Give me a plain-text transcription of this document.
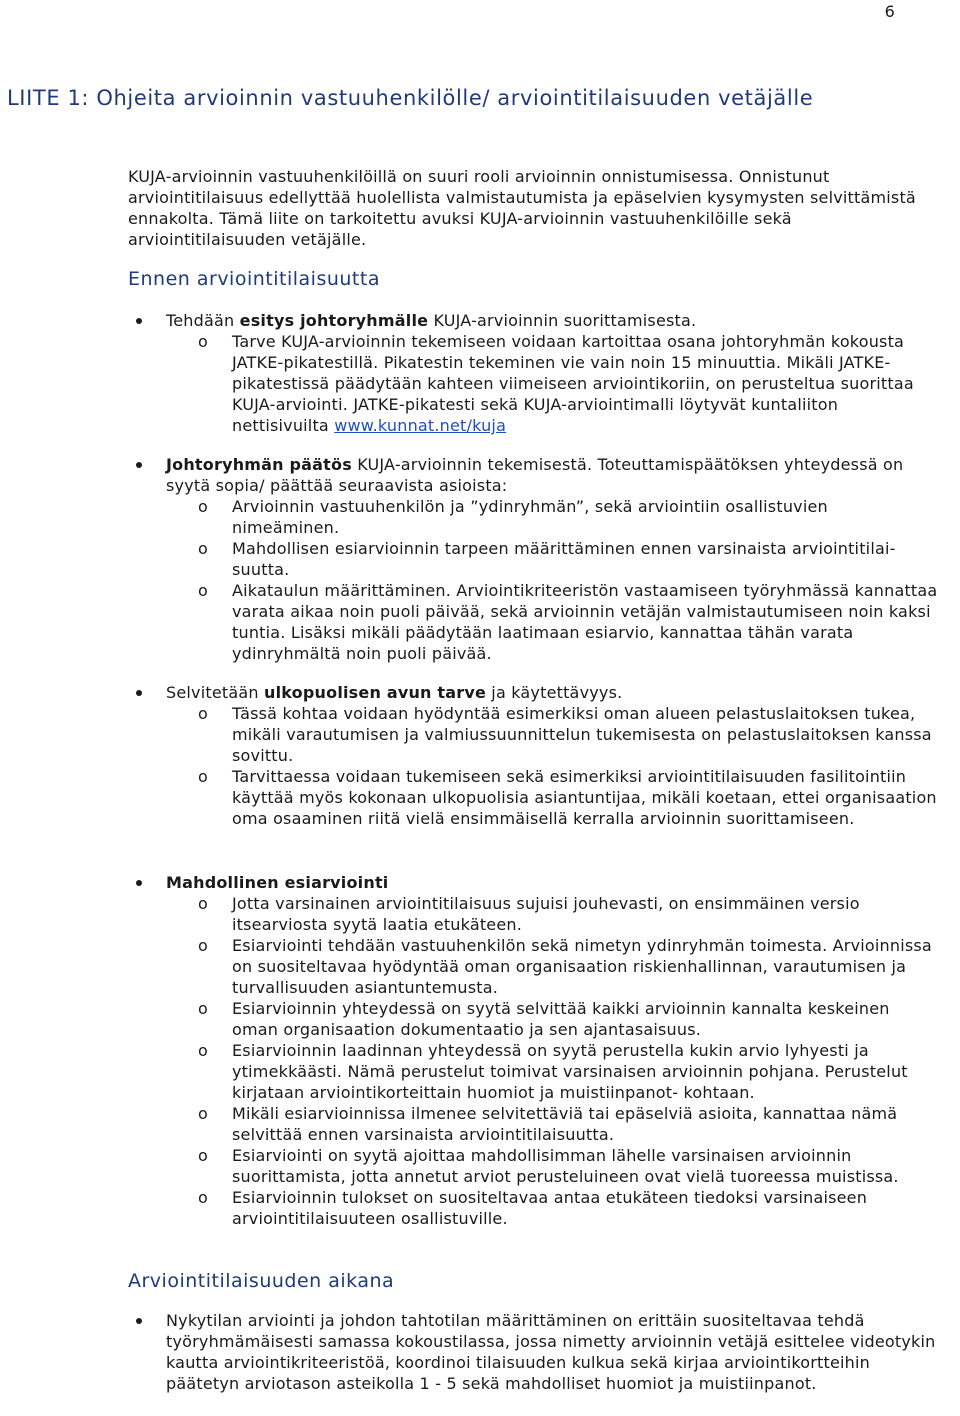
6
LIITE 1: Ohjeita arvioinnin vastuuhenkilölle/ arviointitilaisuuden vetäjälle

KUJA-arvioinnin vastuuhenkilöillä on suuri rooli arvioinnin onnistumisessa. Onnistunut arviointitilaisuus edellyttää huolellista valmistautumista ja epäselvien kysymysten selvittämistä ennakolta. Tämä liite on tarkoitettu avuksi KUJA-arvioinnin vastuuhenkilöille sekä arviointitilaisuuden vetäjälle.

Ennen arviointitilaisuutta
Tehdään esitys johtoryhmälle KUJA-arvioinnin suorittamisesta.
o Tarve KUJA-arvioinnin tekemiseen voidaan kartoittaa osana johtoryhmän kokousta JATKE-pikatestillä. Pikatestin tekeminen vie vain noin 15 minuuttia. Mikäli JATKE-pikatestissä päädytään kahteen viimeiseen arviointikoriin, on perusteltua suorittaa KUJA-arviointi. JATKE-pikatesti sekä KUJA-arviointimalli löytyvät kuntaliiton nettisivuilta www.kunnat.net/kuja
Johtoryhmän päätös KUJA-arvioinnin tekemisestä. Toteuttamispäätöksen yhteydessä on syytä sopia/ päättää seuraavista asioista:
o Arvioinnin vastuuhenkilön ja ”ydinryhmän”, sekä arviointiin osallistuvien nimeäminen.
o Mahdollisen esiarvioinnin tarpeen määrittäminen ennen varsinaista arviointitilai-suutta.
o Aikataulun määrittäminen. Arviointikriteeristön vastaamiseen työryhmässä kannattaa varata aikaa noin puoli päivää, sekä arvioinnin vetäjän valmistautumiseen noin kaksi tuntia. Lisäksi mikäli päädytään laatimaan esiarvio, kannattaa tähän varata ydinryhmältä noin puoli päivää.
Selvitetään ulkopuolisen avun tarve ja käytettävyys.
o Tässä kohtaa voidaan hyödyntää esimerkiksi oman alueen pelastuslaitoksen tukea, mikäli varautumisen ja valmiussuunnittelun tukemisesta on pelastuslaitoksen kanssa sovittu.
o Tarvittaessa voidaan tukemiseen sekä esimerkiksi arviointitilaisuuden fasilitointiin käyttää myös kokonaan ulkopuolisia asiantuntijaa, mikäli koetaan, ettei organisaation oma osaaminen riitä vielä ensimmäisellä kerralla arvioinnin suorittamiseen.
Mahdollinen esiarviointi
o Jotta varsinainen arviointitilaisuus sujuisi jouhevasti, on ensimmäinen versio itsearviosta syytä laatia etukäteen.
o Esiarviointi tehdään vastuuhenkilön sekä nimetyn ydinryhmän toimesta. Arvioinnissa on suositeltavaa hyödyntää oman organisaation riskienhallinnan, varautumisen ja turvallisuuden asiantuntemusta.
o Esiarvioinnin yhteydessä on syytä selvittää kaikki arvioinnin kannalta keskeinen oman organisaation dokumentaatio ja sen ajantasaisuus.
o Esiarvioinnin laadinnan yhteydessä on syytä perustella kukin arvio lyhyesti ja ytimekkäästi. Nämä perustelut toimivat varsinaisen arvioinnin pohjana. Perustelut kirjataan arviointikorteittain huomiot ja muistiinpanot- kohtaan.
o Mikäli esiarvioinnissa ilmenee selvitettäviä tai epäselviä asioita, kannattaa nämä selvittää ennen varsinaista arviointitilaisuutta.
o Esiarviointi on syytä ajoittaa mahdollisimman lähelle varsinaisen arvioinnin suorittamista, jotta annetut arviot perusteluineen ovat vielä tuoreessa muistissa.
o Esiarvioinnin tulokset on suositeltavaa antaa etukäteen tiedoksi varsinaiseen arviointitilaisuuteen osallistuville.
Arviointitilaisuuden aikana
Nykytilan arviointi ja johdon tahtotilan määrittäminen on erittäin suositeltavaa tehdä työryhmämäisesti samassa kokoustilassa, jossa nimetty arvioinnin vetäjä esittelee videotykin kautta arviointikriteeristöä, koordinoi tilaisuuden kulkua sekä kirjaa arviointikortteihin päätetyn arviotason asteikolla 1 - 5 sekä mahdolliset huomiot ja muistiinpanot.
